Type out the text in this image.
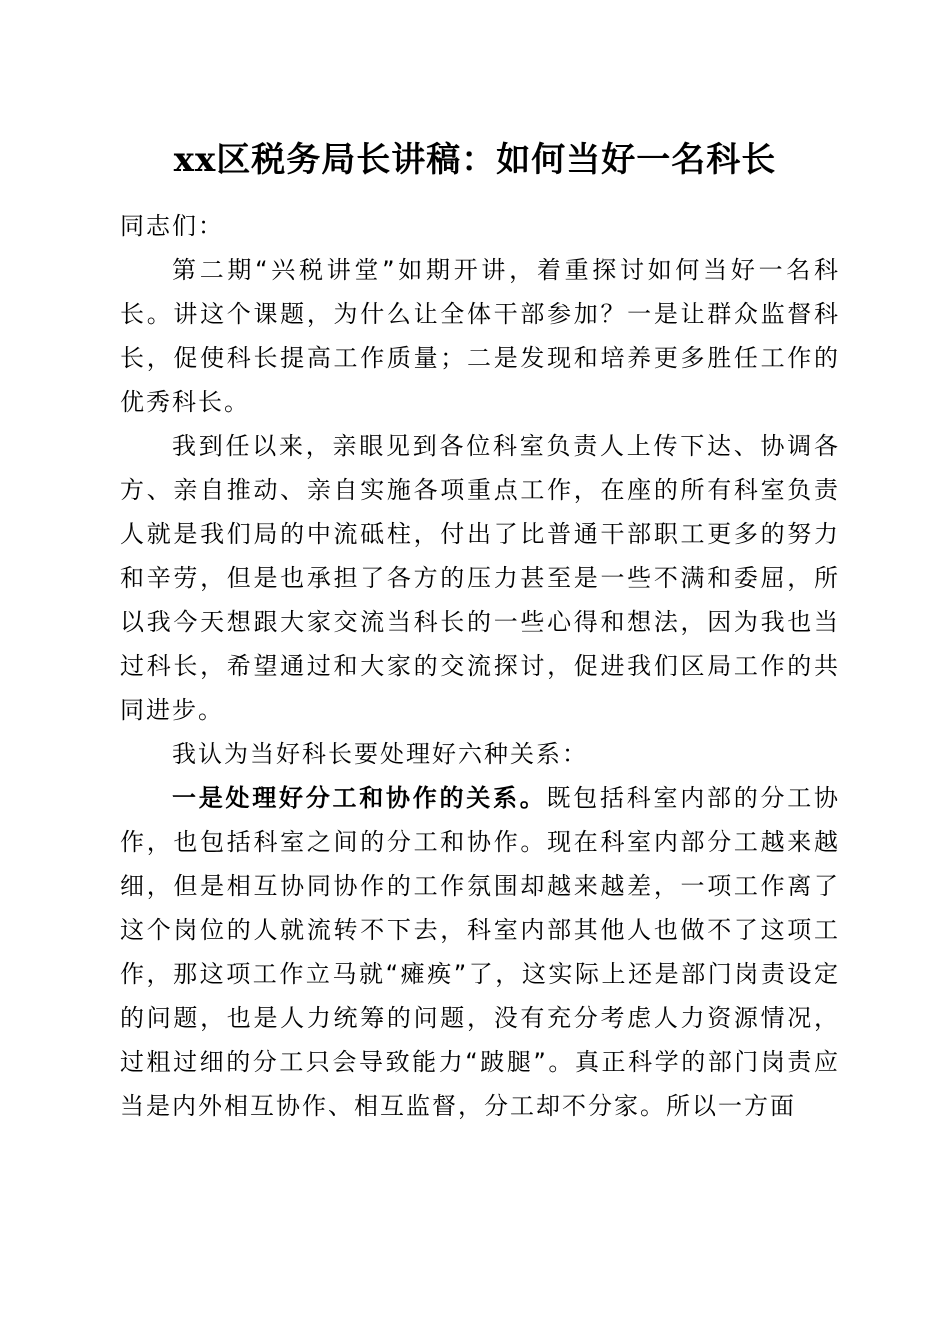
xx区税务局长讲稿：如何当好一名科长

同志们：

第二期“兴税讲堂”如期开讲，着重探讨如何当好一名科长。讲这个课题，为什么让全体干部参加？一是让群众监督科长，促使科长提高工作质量；二是发现和培养更多胜任工作的优秀科长。

我到任以来，亲眼见到各位科室负责人上传下达、协调各方、亲自推动、亲自实施各项重点工作，在座的所有科室负责人就是我们局的中流砥柱，付出了比普通干部职工更多的努力和辛劳，但是也承担了各方的压力甚至是一些不满和委屈，所以我今天想跟大家交流当科长的一些心得和想法，因为我也当过科长，希望通过和大家的交流探讨，促进我们区局工作的共同进步。

我认为当好科长要处理好六种关系：

一是处理好分工和协作的关系。既包括科室内部的分工协作，也包括科室之间的分工和协作。现在科室内部分工越来越细，但是相互协同协作的工作氛围却越来越差，一项工作离了这个岗位的人就流转不下去，科室内部其他人也做不了这项工作，那这项工作立马就“瘫痪”了，这实际上还是部门岗责设定的问题，也是人力统筹的问题，没有充分考虑人力资源情况，过粗过细的分工只会导致能力“跛腿”。真正科学的部门岗责应当是内外相互协作、相互监督，分工却不分家。所以一方面
